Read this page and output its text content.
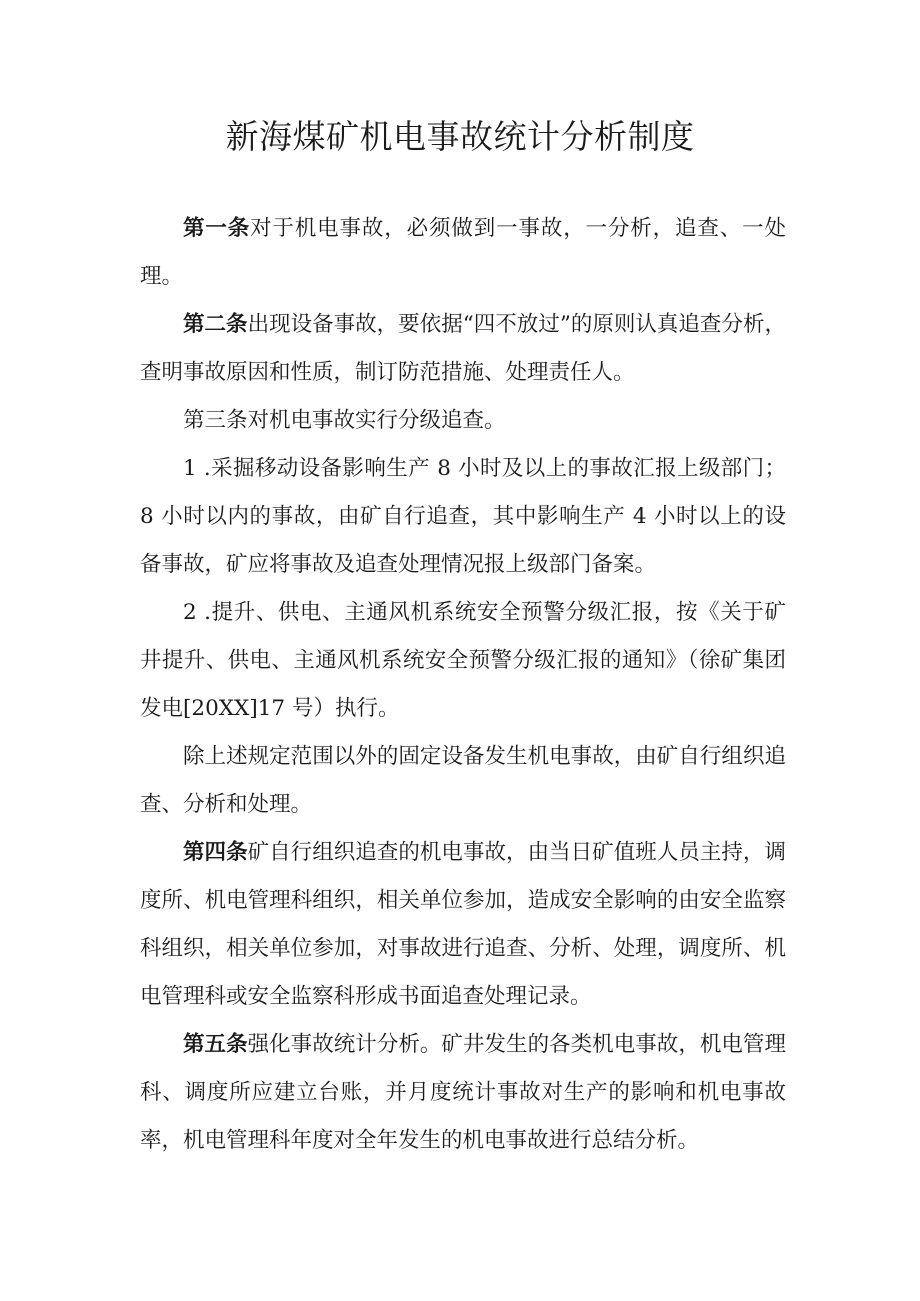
新海煤矿机电事故统计分析制度

第一条对于机电事故，必须做到一事故，一分析，追查、一处理。

第二条出现设备事故，要依据“四不放过”的原则认真追查分析，查明事故原因和性质，制订防范措施、处理责任人。

第三条对机电事故实行分级追查。

1 .采掘移动设备影响生产 8 小时及以上的事故汇报上级部门；8 小时以内的事故，由矿自行追查，其中影响生产 4 小时以上的设备事故，矿应将事故及追查处理情况报上级部门备案。

2 .提升、供电、主通风机系统安全预警分级汇报，按《关于矿井提升、供电、主通风机系统安全预警分级汇报的通知》（徐矿集团发电[20XX]17 号）执行。

除上述规定范围以外的固定设备发生机电事故，由矿自行组织追查、分析和处理。

第四条矿自行组织追查的机电事故，由当日矿值班人员主持，调度所、机电管理科组织，相关单位参加，造成安全影响的由安全监察科组织，相关单位参加，对事故进行追查、分析、处理，调度所、机电管理科或安全监察科形成书面追查处理记录。

第五条强化事故统计分析。矿井发生的各类机电事故，机电管理科、调度所应建立台账，并月度统计事故对生产的影响和机电事故率，机电管理科年度对全年发生的机电事故进行总结分析。
